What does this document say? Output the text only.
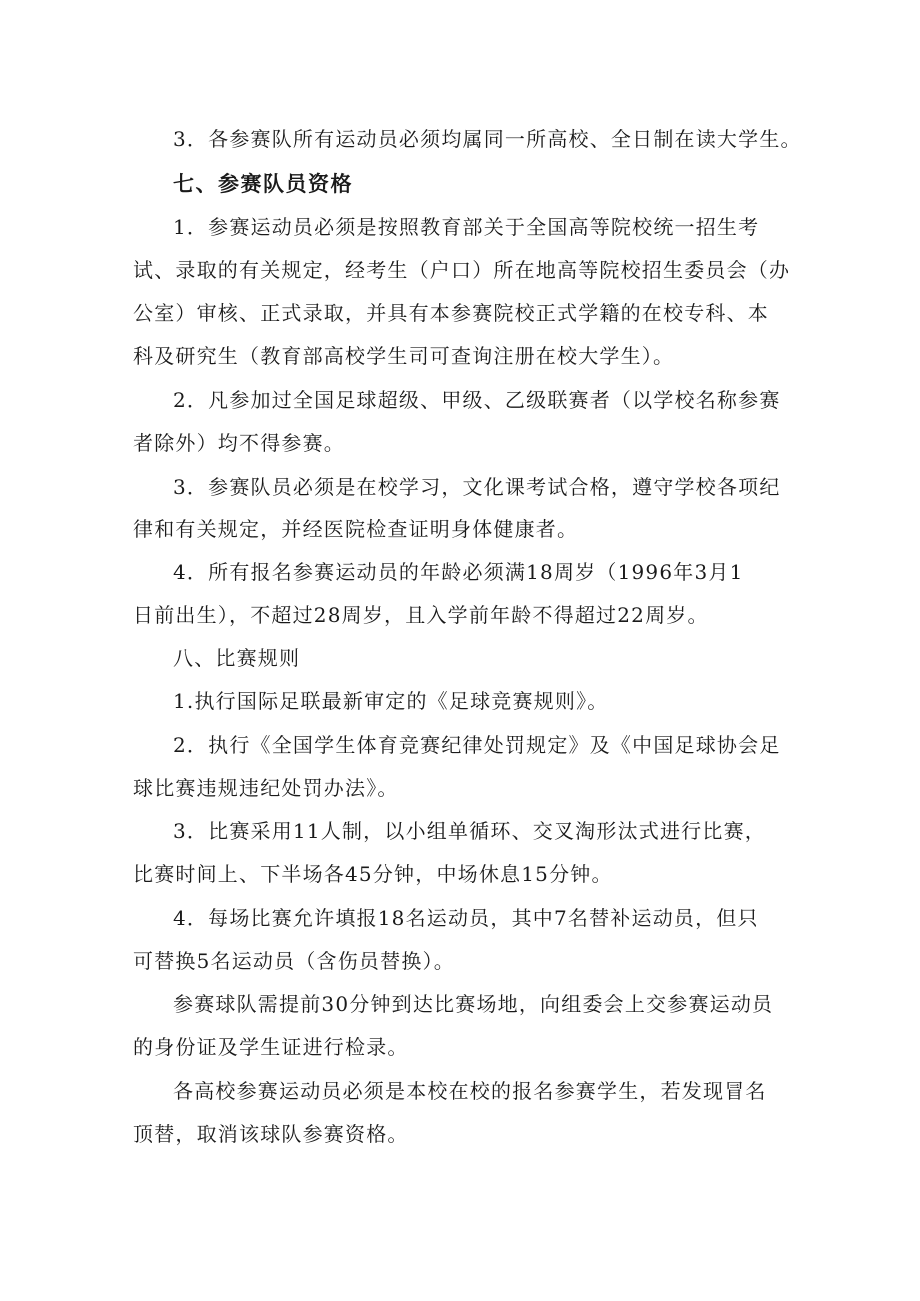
3．各参赛队所有运动员必须均属同一所高校、全日制在读大学生。
七、参赛队员资格
1．参赛运动员必须是按照教育部关于全国高等院校统一招生考
试、录取的有关规定，经考生（户口）所在地高等院校招生委员会（办
公室）审核、正式录取，并具有本参赛院校正式学籍的在校专科、本
科及研究生（教育部高校学生司可查询注册在校大学生）。
2．凡参加过全国足球超级、甲级、乙级联赛者（以学校名称参赛
者除外）均不得参赛。
3．参赛队员必须是在校学习，文化课考试合格，遵守学校各项纪
律和有关规定，并经医院检查证明身体健康者。
4．所有报名参赛运动员的年龄必须满18周岁（1996年3月1
日前出生），不超过28周岁，且入学前年龄不得超过22周岁。
八、比赛规则
1.执行国际足联最新审定的《足球竞赛规则》。
2．执行《全国学生体育竞赛纪律处罚规定》及《中国足球协会足
球比赛违规违纪处罚办法》。
3．比赛采用11人制，以小组单循环、交叉淘形汰式进行比赛，
比赛时间上、下半场各45分钟，中场休息15分钟。
4．每场比赛允许填报18名运动员，其中7名替补运动员，但只
可替换5名运动员（含伤员替换）。
参赛球队需提前30分钟到达比赛场地，向组委会上交参赛运动员
的身份证及学生证进行检录。
各高校参赛运动员必须是本校在校的报名参赛学生，若发现冒名
顶替，取消该球队参赛资格。
